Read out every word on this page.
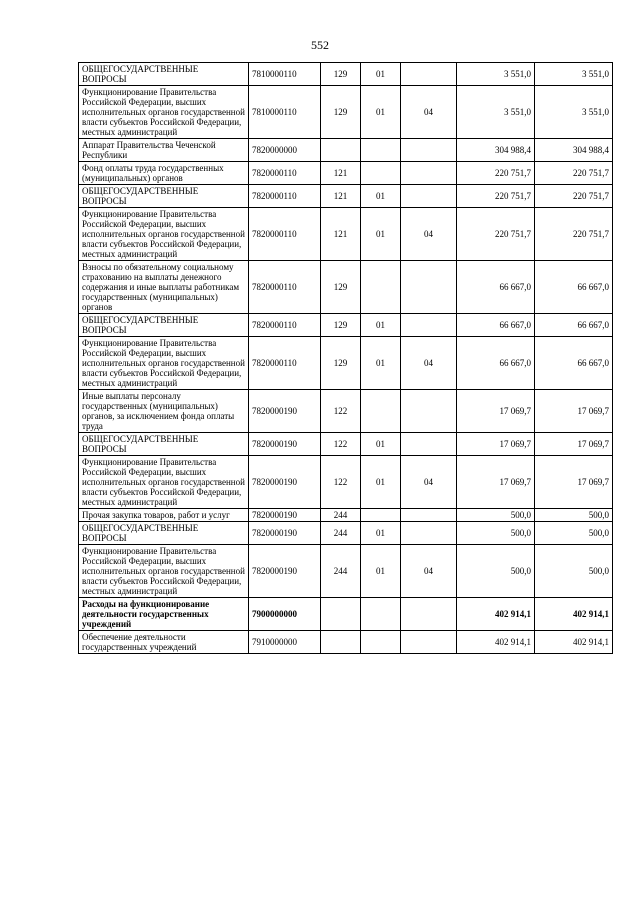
552
ОБЩЕГОСУДАРСТВЕННЫЕ ВОПРОСЫ	7810000110	129	01		3 551,0	3 551,0
Функционирование Правительства Российской Федерации, высших исполнительных органов государственной власти субъектов Российской Федерации, местных администраций	7810000110	129	01	04	3 551,0	3 551,0
Аппарат Правительства Чеченской Республики	7820000000				304 988,4	304 988,4
Фонд оплаты труда государственных (муниципальных) органов	7820000110	121			220 751,7	220 751,7
ОБЩЕГОСУДАРСТВЕННЫЕ ВОПРОСЫ	7820000110	121	01		220 751,7	220 751,7
Функционирование Правительства Российской Федерации, высших исполнительных органов государственной власти субъектов Российской Федерации, местных администраций	7820000110	121	01	04	220 751,7	220 751,7
Взносы по обязательному социальному страхованию на выплаты денежного содержания и иные выплаты работникам государственных (муниципальных) органов	7820000110	129			66 667,0	66 667,0
ОБЩЕГОСУДАРСТВЕННЫЕ ВОПРОСЫ	7820000110	129	01		66 667,0	66 667,0
Функционирование Правительства Российской Федерации, высших исполнительных органов государственной власти субъектов Российской Федерации, местных администраций	7820000110	129	01	04	66 667,0	66 667,0
Иные выплаты персоналу государственных (муниципальных) органов, за исключением фонда оплаты труда	7820000190	122			17 069,7	17 069,7
ОБЩЕГОСУДАРСТВЕННЫЕ ВОПРОСЫ	7820000190	122	01		17 069,7	17 069,7
Функционирование Правительства Российской Федерации, высших исполнительных органов государственной власти субъектов Российской Федерации, местных администраций	7820000190	122	01	04	17 069,7	17 069,7
Прочая закупка товаров, работ и услуг	7820000190	244			500,0	500,0
ОБЩЕГОСУДАРСТВЕННЫЕ ВОПРОСЫ	7820000190	244	01		500,0	500,0
Функционирование Правительства Российской Федерации, высших исполнительных органов государственной власти субъектов Российской Федерации, местных администраций	7820000190	244	01	04	500,0	500,0
Расходы на функционирование деятельности государственных учреждений	7900000000				402 914,1	402 914,1
Обеспечение деятельности государственных учреждений	7910000000				402 914,1	402 914,1
